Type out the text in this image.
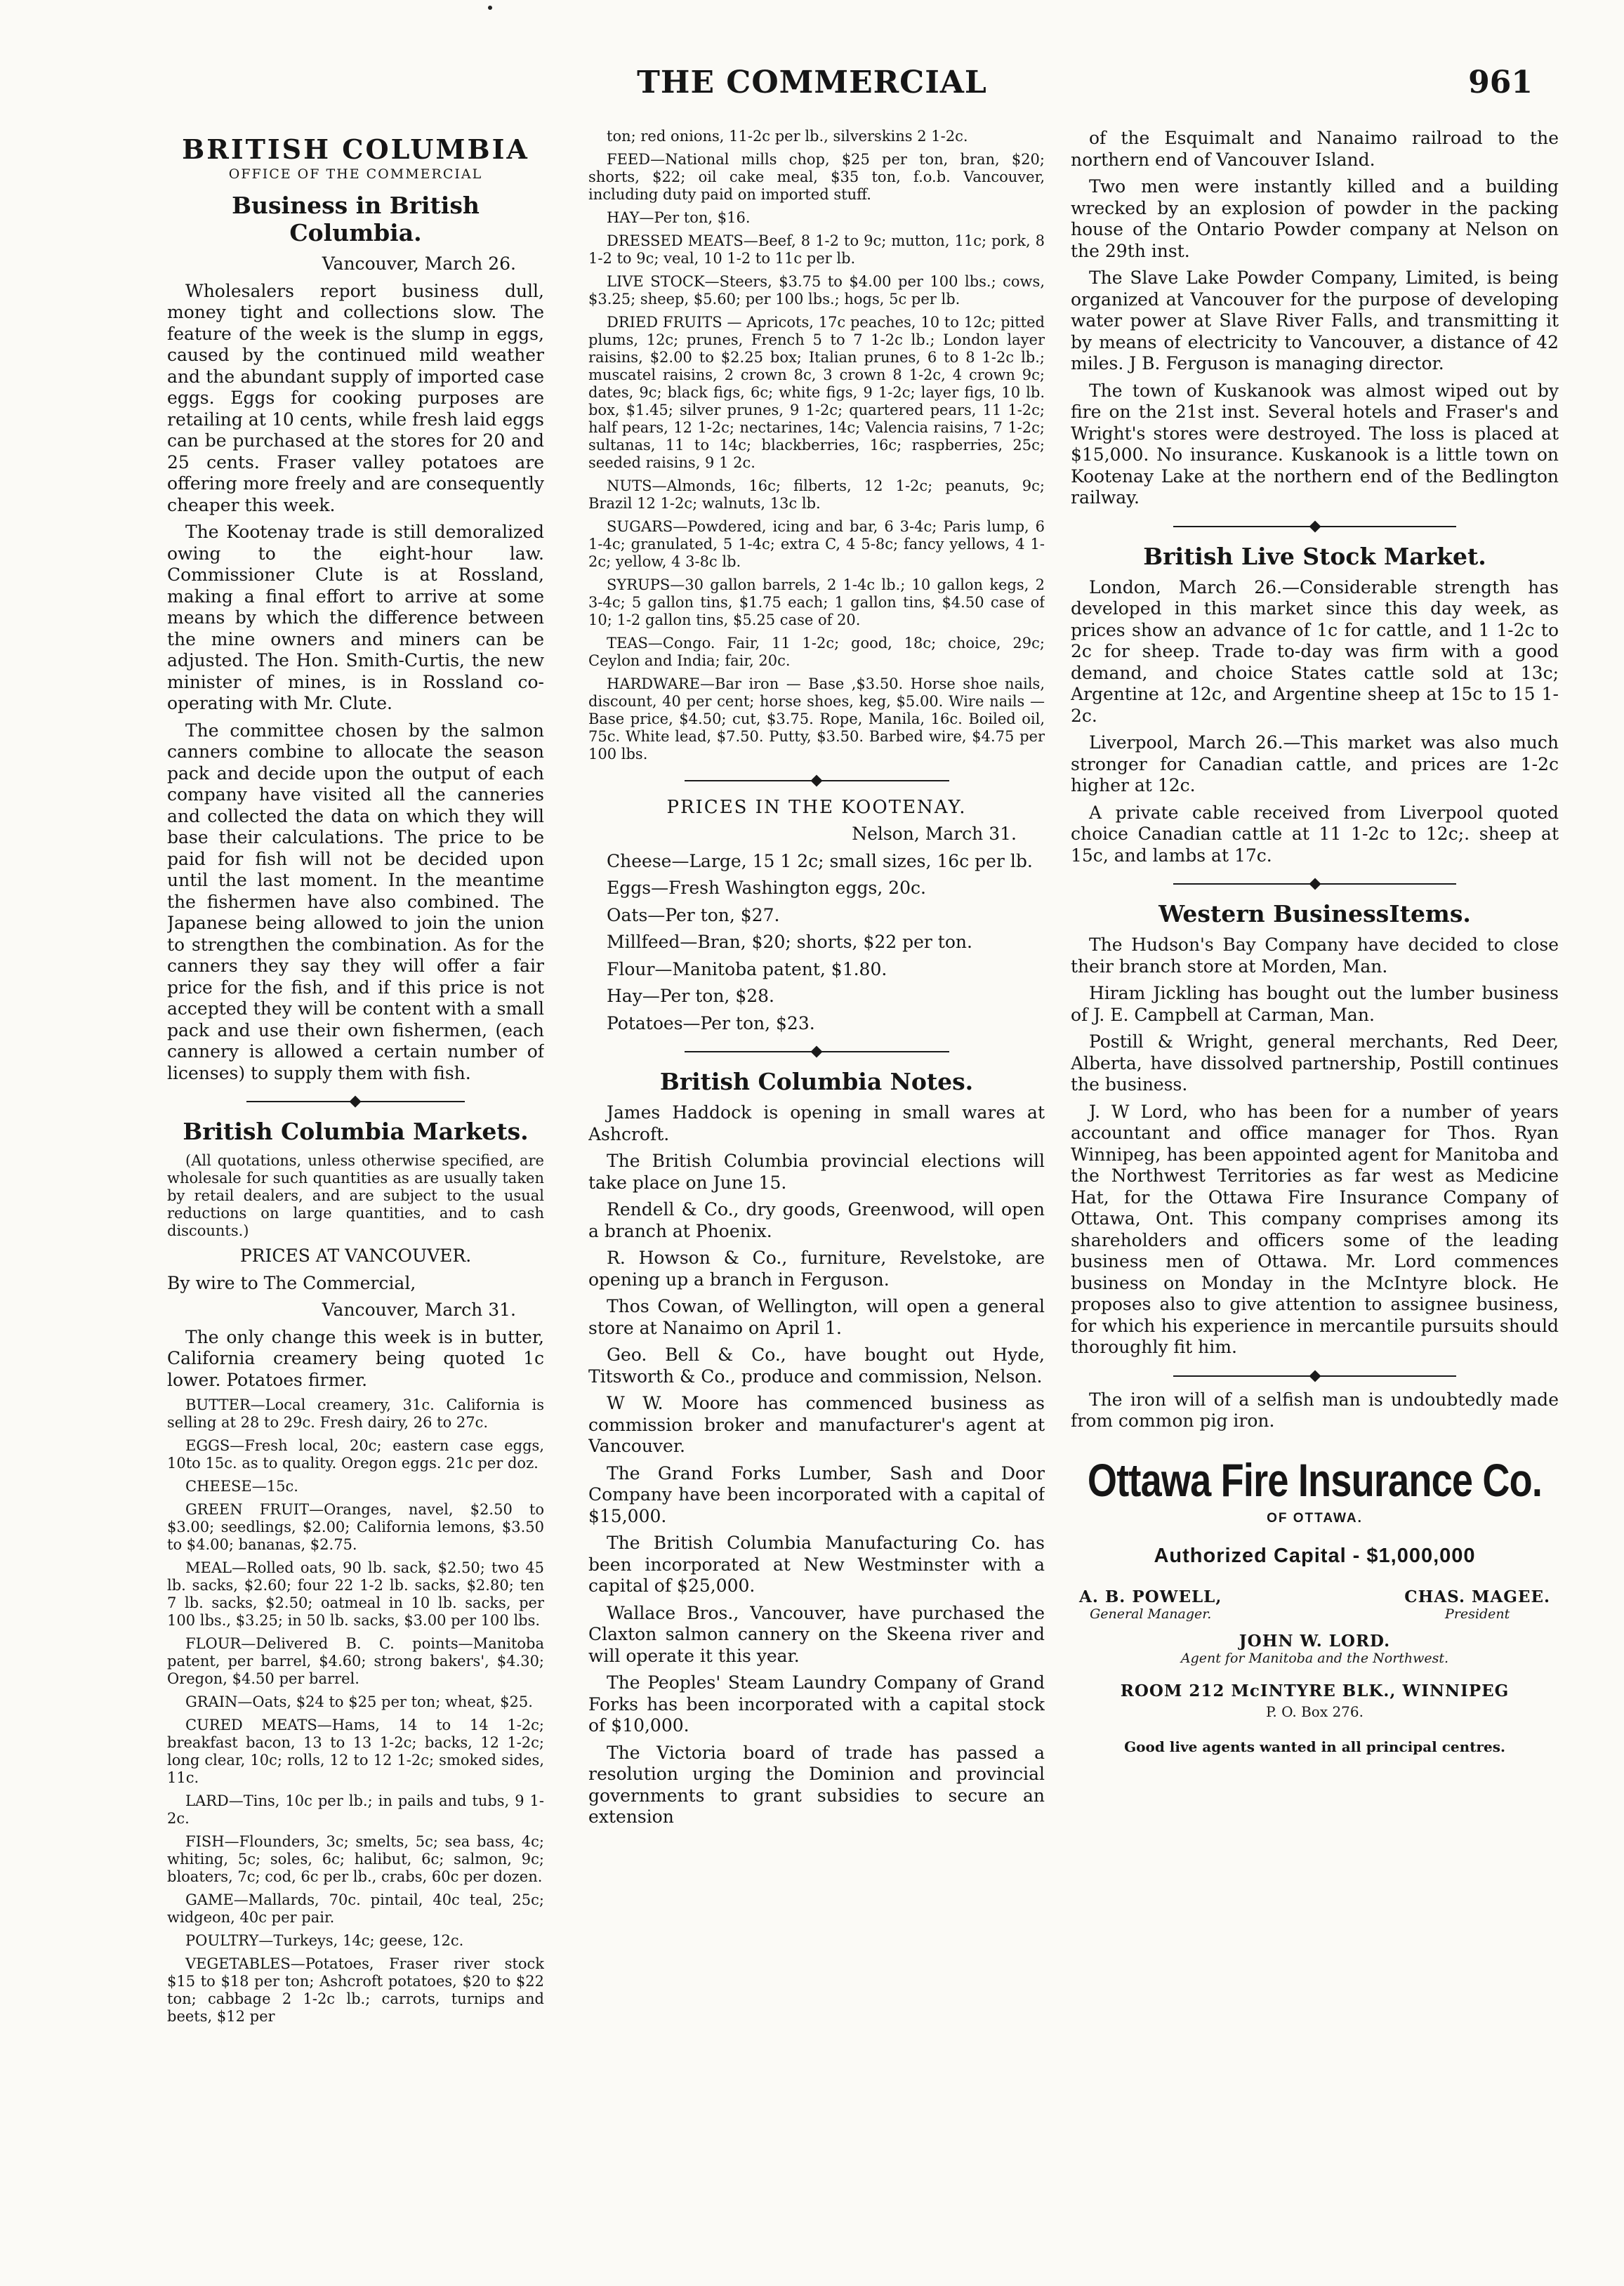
THE COMMERCIAL	961
BRITISH COLUMBIA
OFFICE OF THE COMMERCIAL
Business in British Columbia.

Vancouver, March 26.

Wholesalers report business dull, money tight and collections slow. The feature of the week is the slump in eggs, caused by the continued mild weather and the abundant supply of imported case eggs. Eggs for cooking purposes are retailing at 10 cents, while fresh laid eggs can be purchased at the stores for 20 and 25 cents. Fraser valley potatoes are offering more freely and are consequently cheaper this week.

The Kootenay trade is still demoralized owing to the eight-hour law. Commissioner Clute is at Rossland, making a final effort to arrive at some means by which the difference between the mine owners and miners can be adjusted. The Hon. Smith-Curtis, the new minister of mines, is in Rossland co-operating with Mr. Clute.

The committee chosen by the salmon canners combine to allocate the season pack and decide upon the output of each company have visited all the canneries and collected the data on which they will base their calculations. The price to be paid for fish will not be decided upon until the last moment. In the meantime the fishermen have also combined. The Japanese being allowed to join the union to strengthen the combination. As for the canners they say they will offer a fair price for the fish, and if this price is not accepted they will be content with a small pack and use their own fishermen, (each cannery is allowed a certain number of licenses) to supply them with fish.

British Columbia Markets.

(All quotations, unless otherwise specified, are wholesale for such quantities as are usually taken by retail dealers, and are subject to the usual reductions on large quantities, and to cash discounts.)

PRICES AT VANCOUVER.

By wire to The Commercial,

Vancouver, March 31.

The only change this week is in butter, California creamery being quoted 1c lower. Potatoes firmer.

BUTTER—Local creamery, 31c. California is selling at 28 to 29c. Fresh dairy, 26 to 27c.

EGGS—Fresh local, 20c; eastern case eggs, 10to 15c. as to quality. Oregon eggs. 21c per doz.

CHEESE—15c.

GREEN FRUIT—Oranges, navel, $2.50 to $3.00; seedlings, $2.00; California lemons, $3.50 to $4.00; bananas, $2.75.

MEAL—Rolled oats, 90 lb. sack, $2.50; two 45 lb. sacks, $2.60; four 22 1-2 lb. sacks, $2.80; ten 7 lb. sacks, $2.50; oatmeal in 10 lb. sacks, per 100 lbs., $3.25; in 50 lb. sacks, $3.00 per 100 lbs.

FLOUR—Delivered B. C. points—Manitoba patent, per barrel, $4.60; strong bakers', $4.30; Oregon, $4.50 per barrel.

GRAIN—Oats, $24 to $25 per ton; wheat, $25.

CURED MEATS—Hams, 14 to 14 1-2c; breakfast bacon, 13 to 13 1-2c; backs, 12 1-2c; long clear, 10c; rolls, 12 to 12 1-2c; smoked sides, 11c.

LARD—Tins, 10c per lb.; in pails and tubs, 9 1-2c.

FISH—Flounders, 3c; smelts, 5c; sea bass, 4c; whiting, 5c; soles, 6c; halibut, 6c; salmon, 9c; bloaters, 7c; cod, 6c per lb., crabs, 60c per dozen.

GAME—Mallards, 70c. pintail, 40c teal, 25c; widgeon, 40c per pair.

POULTRY—Turkeys, 14c; geese, 12c.

VEGETABLES—Potatoes, Fraser river stock $15 to $18 per ton; Ashcroft potatoes, $20 to $22 ton; cabbage 2 1-2c lb.; carrots, turnips and beets, $12 per

ton; red onions, 11-2c per lb., silverskins 2 1-2c.

FEED—National mills chop, $25 per ton, bran, $20; shorts, $22; oil cake meal, $35 ton, f.o.b. Vancouver, including duty paid on imported stuff.

HAY—Per ton, $16.

DRESSED MEATS—Beef, 8 1-2 to 9c; mutton, 11c; pork, 8 1-2 to 9c; veal, 10 1-2 to 11c per lb.

LIVE STOCK—Steers, $3.75 to $4.00 per 100 lbs.; cows, $3.25; sheep, $5.60; per 100 lbs.; hogs, 5c per lb.

DRIED FRUITS — Apricots, 17c peaches, 10 to 12c; pitted plums, 12c; prunes, French 5 to 7 1-2c lb.; London layer raisins, $2.00 to $2.25 box; Italian prunes, 6 to 8 1-2c lb.; muscatel raisins, 2 crown 8c, 3 crown 8 1-2c, 4 crown 9c; dates, 9c; black figs, 6c; white figs, 9 1-2c; layer figs, 10 lb. box, $1.45; silver prunes, 9 1-2c; quartered pears, 11 1-2c; half pears, 12 1-2c; nectarines, 14c; Valencia raisins, 7 1-2c; sultanas, 11 to 14c; blackberries, 16c; raspberries, 25c; seeded raisins, 9 1 2c.

NUTS—Almonds, 16c; filberts, 12 1-2c; peanuts, 9c; Brazil 12 1-2c; walnuts, 13c lb.

SUGARS—Powdered, icing and bar, 6 3-4c; Paris lump, 6 1-4c; granulated, 5 1-4c; extra C, 4 5-8c; fancy yellows, 4 1-2c; yellow, 4 3-8c lb.

SYRUPS—30 gallon barrels, 2 1-4c lb.; 10 gallon kegs, 2 3-4c; 5 gallon tins, $1.75 each; 1 gallon tins, $4.50 case of 10; 1-2 gallon tins, $5.25 case of 20.

TEAS—Congo. Fair, 11 1-2c; good, 18c; choice, 29c; Ceylon and India; fair, 20c.

HARDWARE—Bar iron — Base ,$3.50. Horse shoe nails, discount, 40 per cent; horse shoes, keg, $5.00. Wire nails — Base price, $4.50; cut, $3.75. Rope, Manila, 16c. Boiled oil, 75c. White lead, $7.50. Putty, $3.50. Barbed wire, $4.75 per 100 lbs.

PRICES IN THE KOOTENAY.

Nelson, March 31.

Cheese—Large, 15 1 2c; small sizes, 16c per lb.

Eggs—Fresh Washington eggs, 20c.

Oats—Per ton, $27.

Millfeed—Bran, $20; shorts, $22 per ton.

Flour—Manitoba patent, $1.80.

Hay—Per ton, $28.

Potatoes—Per ton, $23.

British Columbia Notes.

James Haddock is opening in small wares at Ashcroft.

The British Columbia provincial elections will take place on June 15.

Rendell & Co., dry goods, Greenwood, will open a branch at Phoenix.

R. Howson & Co., furniture, Revelstoke, are opening up a branch in Ferguson.

Thos Cowan, of Wellington, will open a general store at Nanaimo on April 1.

Geo. Bell & Co., have bought out Hyde, Titsworth & Co., produce and commission, Nelson.

W W. Moore has commenced business as commission broker and manufacturer's agent at Vancouver.

The Grand Forks Lumber, Sash and Door Company have been incorporated with a capital of $15,000.

The British Columbia Manufacturing Co. has been incorporated at New Westminster with a capital of $25,000.

Wallace Bros., Vancouver, have purchased the Claxton salmon cannery on the Skeena river and will operate it this year.

The Peoples' Steam Laundry Company of Grand Forks has been incorporated with a capital stock of $10,000.

The Victoria board of trade has passed a resolution urging the Dominion and provincial governments to grant subsidies to secure an extension

of the Esquimalt and Nanaimo railroad to the northern end of Vancouver Island.

Two men were instantly killed and a building wrecked by an explosion of powder in the packing house of the Ontario Powder company at Nelson on the 29th inst.

The Slave Lake Powder Company, Limited, is being organized at Vancouver for the purpose of developing water power at Slave River Falls, and transmitting it by means of electricity to Vancouver, a distance of 42 miles. J B. Ferguson is managing director.

The town of Kuskanook was almost wiped out by fire on the 21st inst. Several hotels and Fraser's and Wright's stores were destroyed. The loss is placed at $15,000. No insurance. Kuskanook is a little town on Kootenay Lake at the northern end of the Bedlington railway.

British Live Stock Market.

London, March 26.—Considerable strength has developed in this market since this day week, as prices show an advance of 1c for cattle, and 1 1-2c to 2c for sheep. Trade to-day was firm with a good demand, and choice States cattle sold at 13c; Argentine at 12c, and Argentine sheep at 15c to 15 1-2c.

Liverpool, March 26.—This market was also much stronger for Canadian cattle, and prices are 1-2c higher at 12c.

A private cable received from Liverpool quoted choice Canadian cattle at 11 1-2c to 12c;. sheep at 15c, and lambs at 17c.

Western BusinessItems.

The Hudson's Bay Company have decided to close their branch store at Morden, Man.

Hiram Jickling has bought out the lumber business of J. E. Campbell at Carman, Man.

Postill & Wright, general merchants, Red Deer, Alberta, have dissolved partnership, Postill continues the business.

J. W Lord, who has been for a number of years accountant and office manager for Thos. Ryan Winnipeg, has been appointed agent for Manitoba and the Northwest Territories as far west as Medicine Hat, for the Ottawa Fire Insurance Company of Ottawa, Ont. This company comprises among its shareholders and officers some of the leading business men of Ottawa. Mr. Lord commences business on Monday in the McIntyre block. He proposes also to give attention to assignee business, for which his experience in mercantile pursuits should thoroughly fit him.

The iron will of a selfish man is undoubtedly made from common pig iron.

Ottawa Fire Insurance Co.
OF OTTAWA.
Authorized Capital - $1,000,000
A. B. POWELL,
General Manager.
CHAS. MAGEE.
President
JOHN W. LORD.
Agent for Manitoba and the Northwest.
ROOM 212 McINTYRE BLK., WINNIPEG
P. O. Box 276.
Good live agents wanted in all principal centres.
